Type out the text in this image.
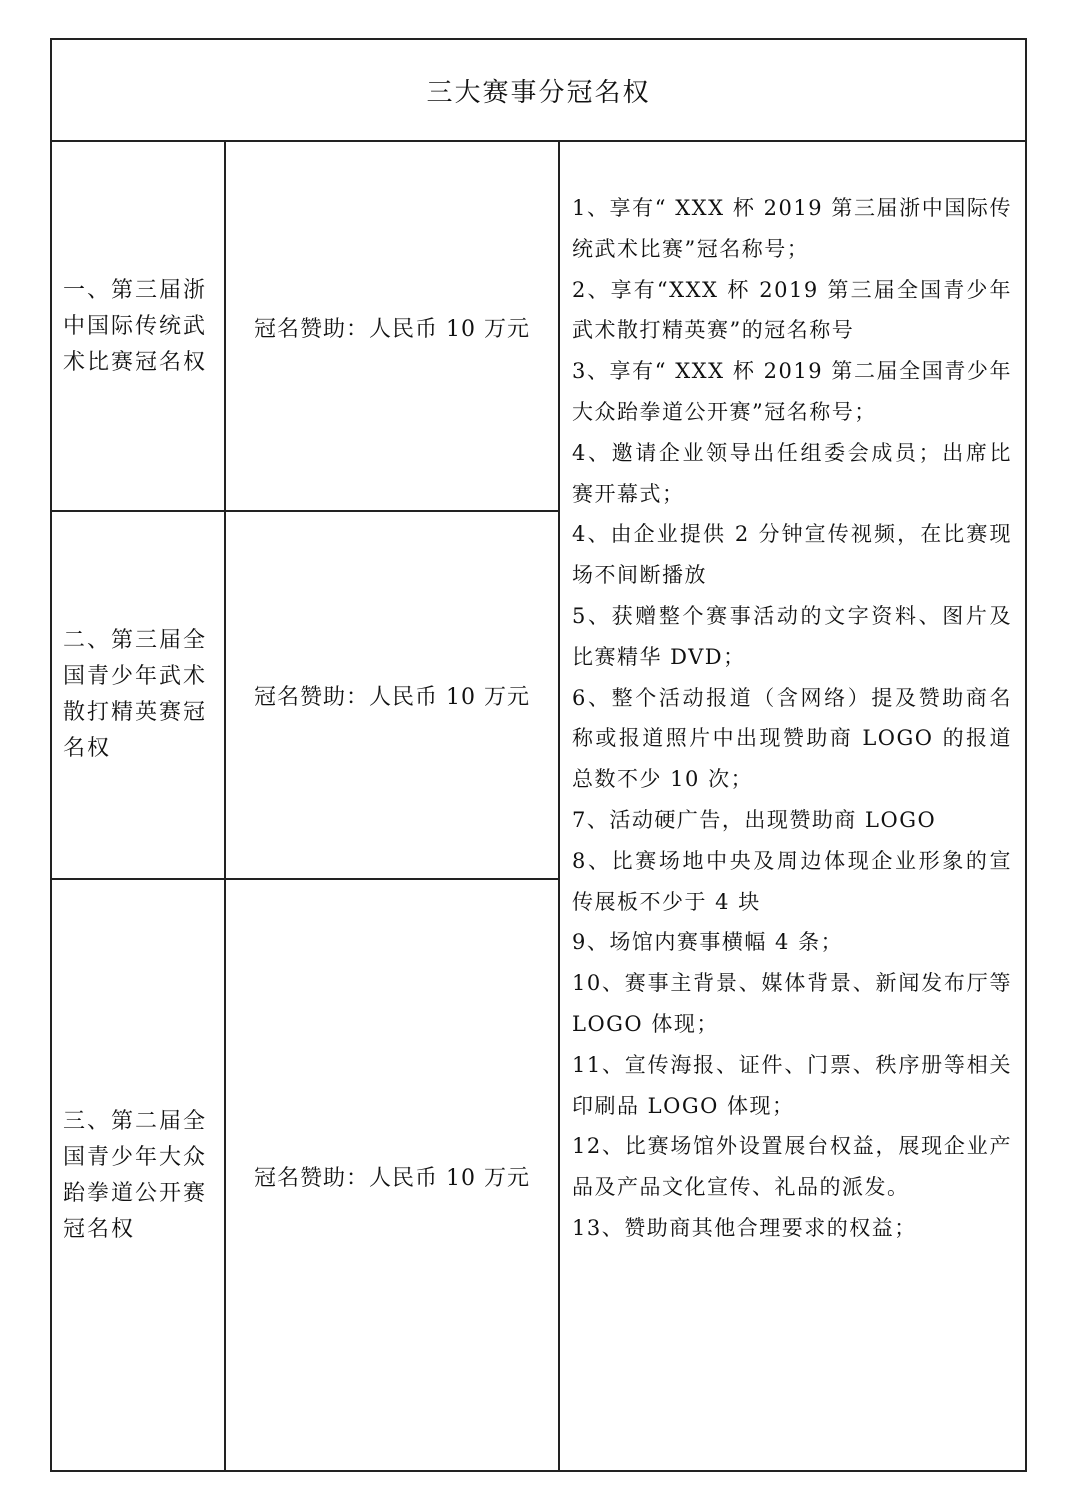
三大赛事分冠名权
一、第三届浙中国际传统武术比赛冠名权
冠名赞助：人民币 10 万元
二、第三届全国青少年武术散打精英赛冠名权
冠名赞助：人民币 10 万元
三、第二届全国青少年大众跆拳道公开赛冠名权
冠名赞助：人民币 10 万元
1、享有“ XXX 杯 2019 第三届浙中国际传统武术比赛”冠名称号；
2、享有“XXX 杯 2019 第三届全国青少年武术散打精英赛”的冠名称号
3、享有“ XXX 杯 2019 第二届全国青少年大众跆拳道公开赛”冠名称号；
4、邀请企业领导出任组委会成员；出席比赛开幕式；
4、由企业提供 2 分钟宣传视频，在比赛现场不间断播放
5、获赠整个赛事活动的文字资料、图片及比赛精华 DVD；
6、整个活动报道（含网络）提及赞助商名称或报道照片中出现赞助商 LOGO 的报道总数不少 10 次；
7、活动硬广告，出现赞助商 LOGO
8、比赛场地中央及周边体现企业形象的宣传展板不少于 4 块
9、场馆内赛事横幅 4 条；
10、赛事主背景、媒体背景、新闻发布厅等 LOGO 体现；
11、宣传海报、证件、门票、秩序册等相关印刷品 LOGO 体现；
12、比赛场馆外设置展台权益，展现企业产品及产品文化宣传、礼品的派发。
13、赞助商其他合理要求的权益；
